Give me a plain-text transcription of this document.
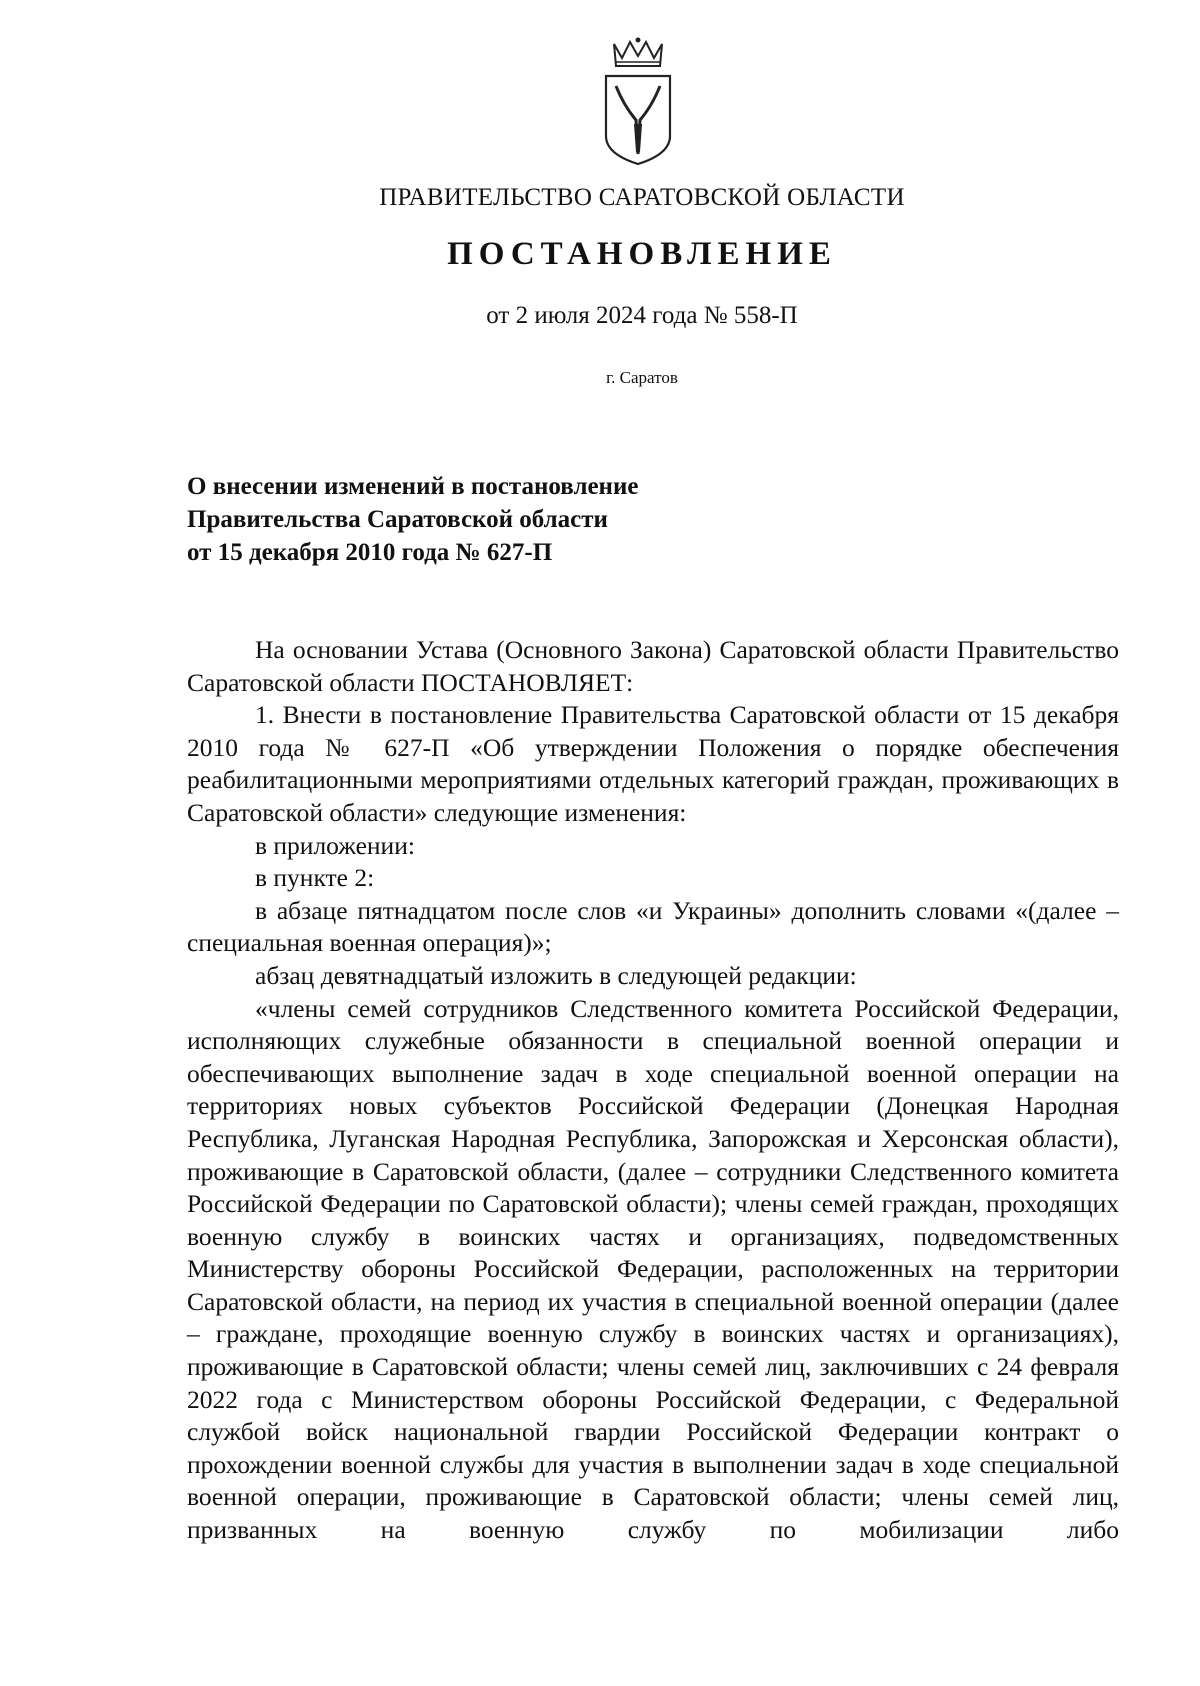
ПРАВИТЕЛЬСТВО САРАТОВСКОЙ ОБЛАСТИ
ПОСТАНОВЛЕНИЕ
от 2 июля 2024 года № 558-П
г. Саратов
О внесении изменений в постановление
Правительства Саратовской области
от 15 декабря 2010 года № 627-П

На основании Устава (Основного Закона) Саратовской области Правительство Саратовской области ПОСТАНОВЛЯЕТ:

1. Внести в постановление Правительства Саратовской области от 15 декабря 2010 года № 627-П «Об утверждении Положения о порядке обеспечения реабилитационными мероприятиями отдельных категорий граждан, проживающих в Саратовской области» следующие изменения:

в приложении:

в пункте 2:

в абзаце пятнадцатом после слов «и Украины» дополнить словами «(далее – специальная военная операция)»;

абзац девятнадцатый изложить в следующей редакции:

«члены семей сотрудников Следственного комитета Российской Федерации, исполняющих служебные обязанности в специальной военной операции и обеспечивающих выполнение задач в ходе специальной военной операции на территориях новых субъектов Российской Федерации (Донецкая Народная Республика, Луганская Народная Республика, Запорожская и Херсонская области), проживающие в Саратовской области, (далее – сотрудники Следственного комитета Российской Федерации по Саратовской области); члены семей граждан, проходящих военную службу в воинских частях и организациях, подведомственных Министерству обороны Российской Федерации, расположенных на территории Саратовской области, на период их участия в специальной военной операции (далее – граждане, проходящие военную службу в воинских частях и организациях), проживающие в Саратовской области; члены семей лиц, заключивших с 24 февраля 2022 года с Министерством обороны Российской Федерации, с Федеральной службой войск национальной гвардии Российской Федерации контракт о прохождении военной службы для участия в выполнении задач в ходе специальной военной операции, проживающие в Саратовской области; члены семей лиц, призванных на военную службу по мобилизации либо
